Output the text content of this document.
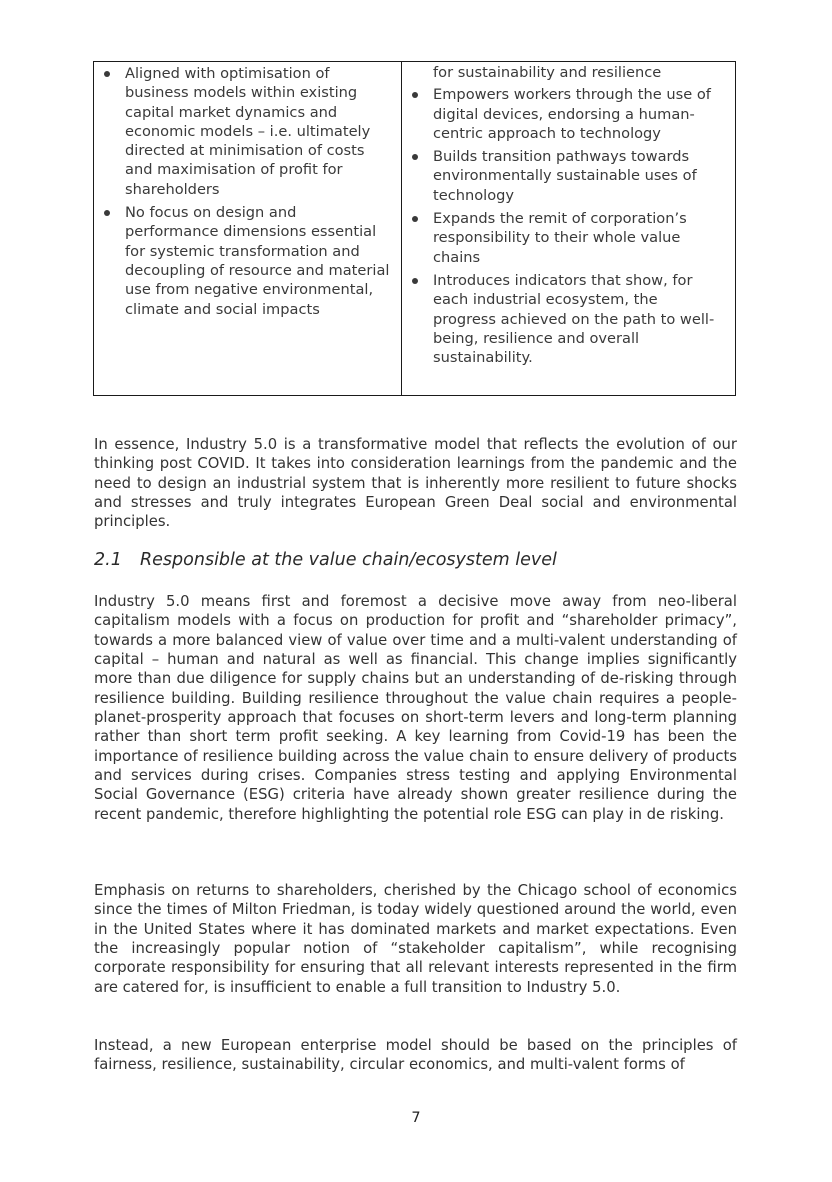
Aligned with optimisation of business models within existing capital market dynamics and economic models – i.e. ultimately directed at minimisation of costs and maximisation of profit for shareholders
No focus on design and performance dimensions essential for systemic transformation and decoupling of resource and material use from negative environmental, climate and social impacts

for sustainability and resilience
Empowers workers through the use of digital devices, endorsing a human-centric approach to technology
Builds transition pathways towards environmentally sustainable uses of technology
Expands the remit of corporation’s responsibility to their whole value chains
Introduces indicators that show, for each industrial ecosystem, the progress achieved on the path to well-being, resilience and overall sustainability.

In essence, Industry 5.0 is a transformative model that reflects the evolution of our thinking post COVID. It takes into consideration learnings from the pandemic and the need to design an industrial system that is inherently more resilient to future shocks and stresses and truly integrates European Green Deal social and environmental principles.

2.1 Responsible at the value chain/ecosystem level

Industry 5.0 means first and foremost a decisive move away from neo-liberal capitalism models with a focus on production for profit and “shareholder primacy”, towards a more balanced view of value over time and a multi-valent understanding of capital – human and natural as well as financial. This change implies significantly more than due diligence for supply chains but an understanding of de-risking through resilience building. Building resilience throughout the value chain requires a people-planet-prosperity approach that focuses on short-term levers and long-term planning rather than short term profit seeking. A key learning from Covid-19 has been the importance of resilience building across the value chain to ensure delivery of products and services during crises. Companies stress testing and applying Environmental Social Governance (ESG) criteria have already shown greater resilience during the recent pandemic, therefore highlighting the potential role ESG can play in de risking.

Emphasis on returns to shareholders, cherished by the Chicago school of economics since the times of Milton Friedman, is today widely questioned around the world, even in the United States where it has dominated markets and market expectations. Even the increasingly popular notion of “stakeholder capitalism”, while recognising corporate responsibility for ensuring that all relevant interests represented in the firm are catered for, is insufficient to enable a full transition to Industry 5.0.

Instead, a new European enterprise model should be based on the principles of fairness, resilience, sustainability, circular economics, and multi-valent forms of

7
